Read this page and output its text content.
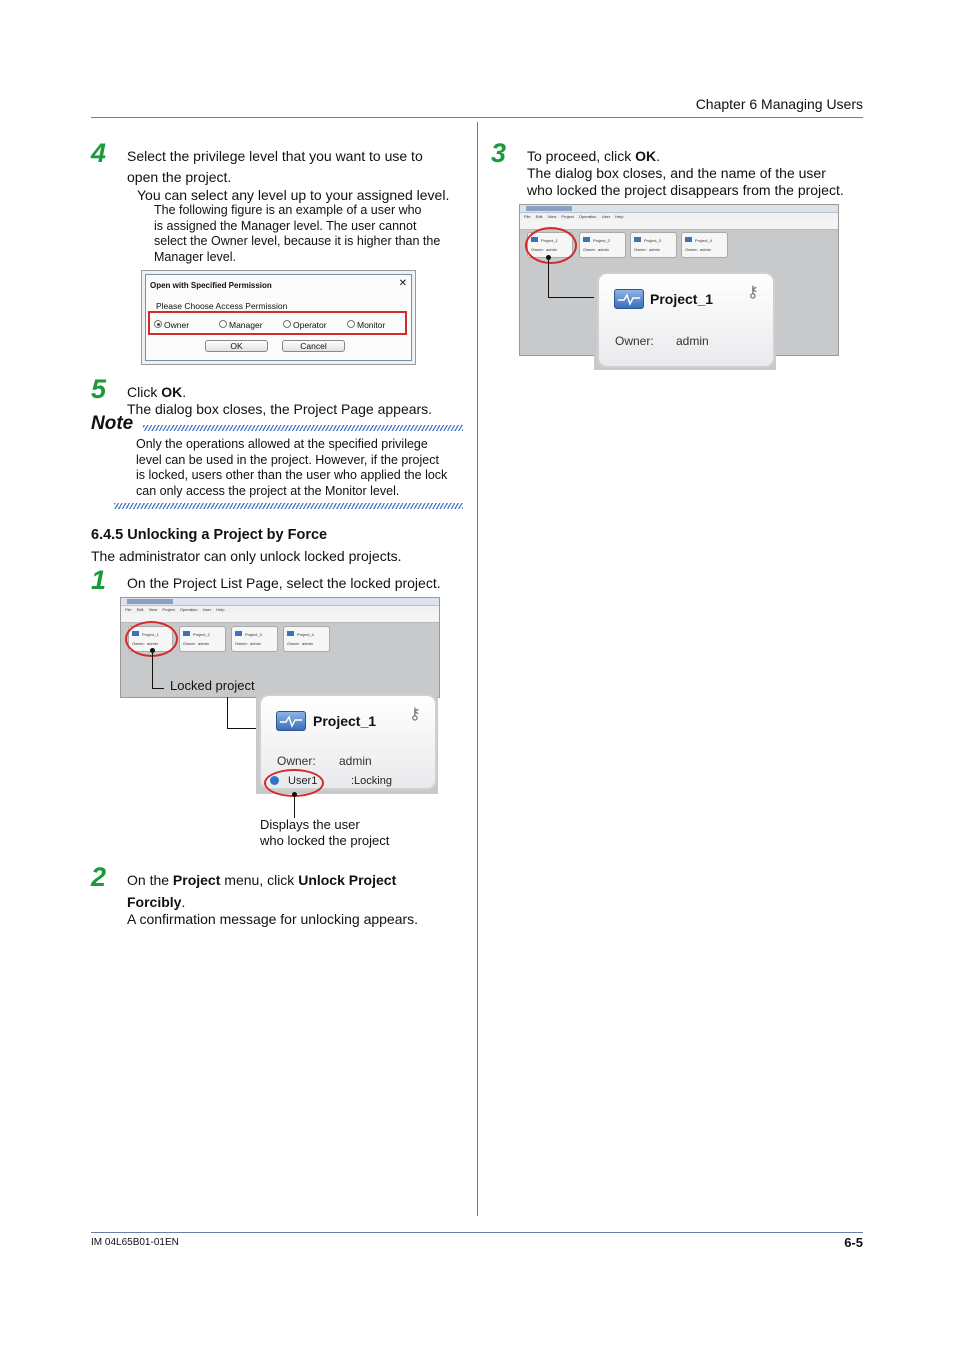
Chapter 6 Managing Users
IM 04L65B01-01EN	6-5
4 Select the privilege level that you want to use to
open the project.
You can select any level up to your assigned level.
The following figure is an example of a user who
is assigned the Manager level. The user cannot
select the Owner level, because it is higher than the
Manager level.
Open with Specified Permission	✕
Please Choose Access Permission
Owner	Manager	Operator	Monitor
OK	Cancel
5 Click OK.
The dialog box closes, the Project Page appears.
Note
Only the operations allowed at the specified privilege
level can be used in the project. However, if the project
is locked, users other than the user who applied the lock
can only access the project at the Monitor level.
6.4.5 Unlocking a Project by Force
The administrator can only unlock locked projects.
1 On the Project List Page, select the locked project.
File Edit View Project Operation User Help
Project_1
Owner: admin
Project_2
Owner: admin
Project_3
Owner: admin
Project_4
Owner: admin
Locked project
Project_1 ⚷
Owner: admin
User1	:Locking
Displays the user
who locked the project
2 On the Project menu, click Unlock Project
Forcibly.
A confirmation message for unlocking appears.
3 To proceed, click OK.
The dialog box closes, and the name of the user
who locked the project disappears from the project.
File Edit View Project Operation User Help
Project_1
Owner: admin
Project_2
Owner: admin
Project_3
Owner: admin
Project_4
Owner: admin
Project_1 ⚷
Owner: admin
